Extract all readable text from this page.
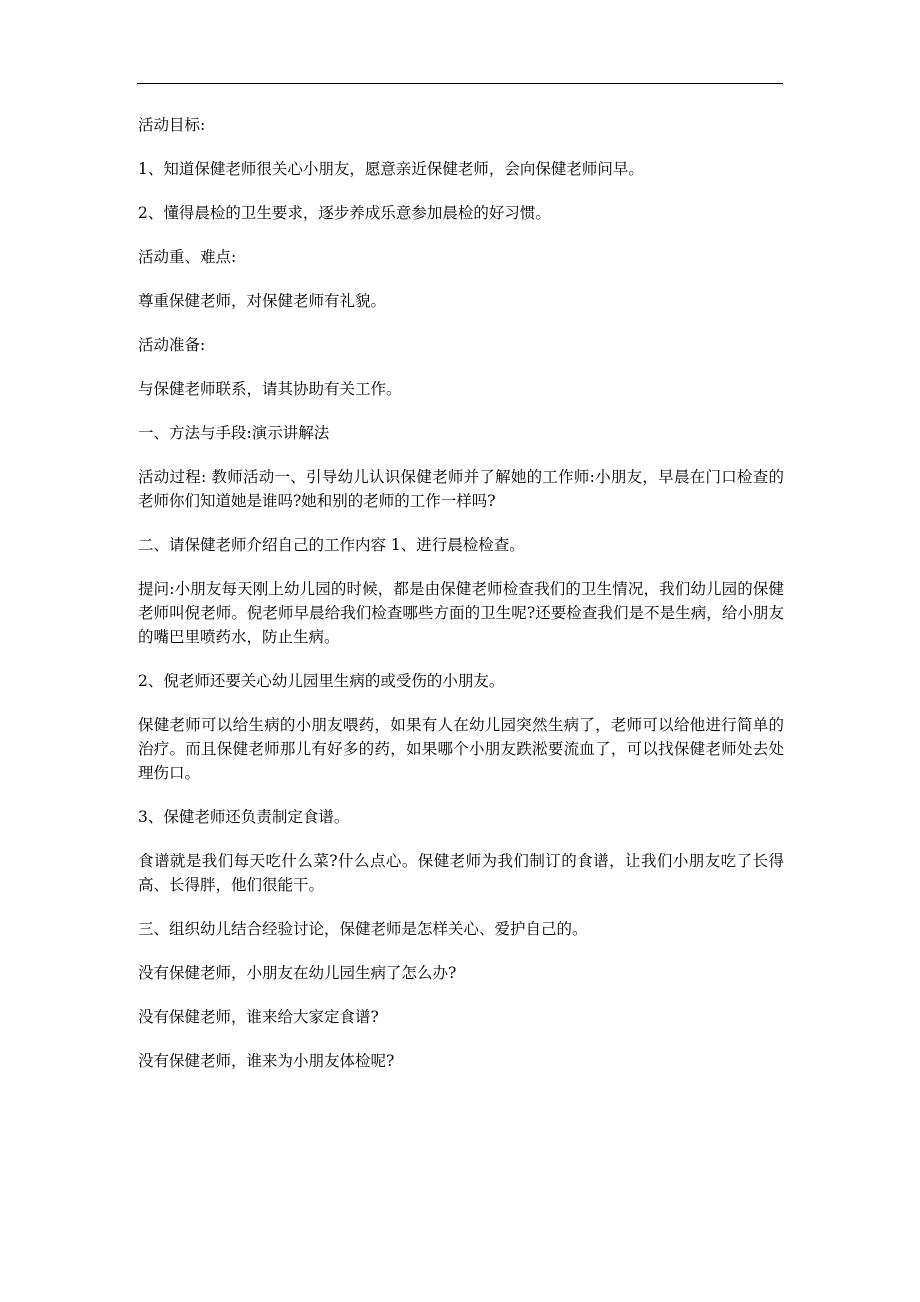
活动目标:

1、知道保健老师很关心小朋友，愿意亲近保健老师，会向保健老师问早。

2、懂得晨检的卫生要求，逐步养成乐意参加晨检的好习惯。

活动重、难点:

尊重保健老师，对保健老师有礼貌。

活动准备:

与保健老师联系，请其协助有关工作。

一、方法与手段:演示讲解法

活动过程: 教师活动一、引导幼儿认识保健老师并了解她的工作师:小朋友，早晨在门口检查的老师你们知道她是谁吗?她和别的老师的工作一样吗?

二、请保健老师介绍自己的工作内容 1、进行晨检检查。

提问:小朋友每天刚上幼儿园的时候，都是由保健老师检查我们的卫生情况，我们幼儿园的保健老师叫倪老师。倪老师早晨给我们检查哪些方面的卫生呢?还要检查我们是不是生病，给小朋友的嘴巴里喷药水，防止生病。

2、倪老师还要关心幼儿园里生病的或受伤的小朋友。

保健老师可以给生病的小朋友喂药，如果有人在幼儿园突然生病了，老师可以给他进行简单的治疗。而且保健老师那儿有好多的药，如果哪个小朋友跌淞要流血了，可以找保健老师处去处理伤口。

3、保健老师还负责制定食谱。

食谱就是我们每天吃什么菜?什么点心。保健老师为我们制订的食谱，让我们小朋友吃了长得高、长得胖，他们很能干。

三、组织幼儿结合经验讨论，保健老师是怎样关心、爱护自己的。

没有保健老师，小朋友在幼儿园生病了怎么办?

没有保健老师，谁来给大家定食谱?

没有保健老师，谁来为小朋友体检呢?
